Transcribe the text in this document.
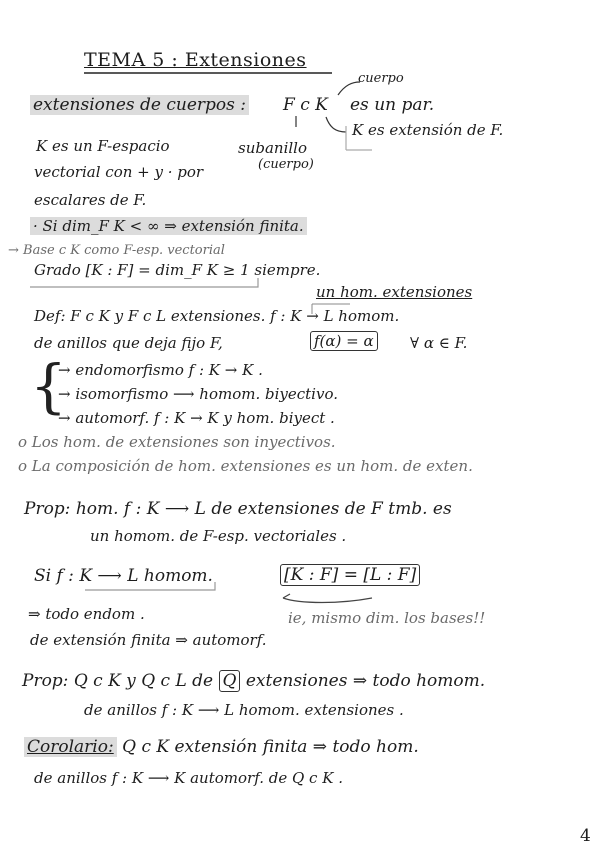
TEMA 5 : Extensiones
extensiones de cuerpos : F c K es un par.
cuerpo
K es extensión de F.
K es un F-espacio	subanillo
(cuerpo)
vectorial con + y · por
escalares de F.
· Si dim_F K < ∞ ⇒ extensión finita.
→ Base c K como F-esp. vectorial
Grado [K : F] = dim_F K ≥ 1 siempre.
un hom. extensiones
Def: F c K y F c L extensiones. f : K → L homom.
de anillos que deja fijo F,	f(α) = α ∀ α ∈ F.
{
→ endomorfismo f : K → K .
→ isomorfismo ⟶ homom. biyectivo.
→ automorf. f : K → K y hom. biyect .
o Los hom. de extensiones son inyectivos.
o La composición de hom. extensiones es un hom. de exten.
Prop: hom. f : K ⟶ L de extensiones de F tmb. es
un homom. de F-esp. vectoriales .
Si f : K ⟶ L homom.	[K : F] = [L : F]
⇒ todo endom .	ie, mismo dim. los bases!!
de extensión finita ⇒ automorf.
Prop: Q c K y Q c L de Q extensiones ⇒ todo homom.
de anillos f : K ⟶ L homom. extensiones .
Corolario: Q c K extensión finita ⇒ todo hom.
de anillos f : K ⟶ K automorf. de Q c K .
4
